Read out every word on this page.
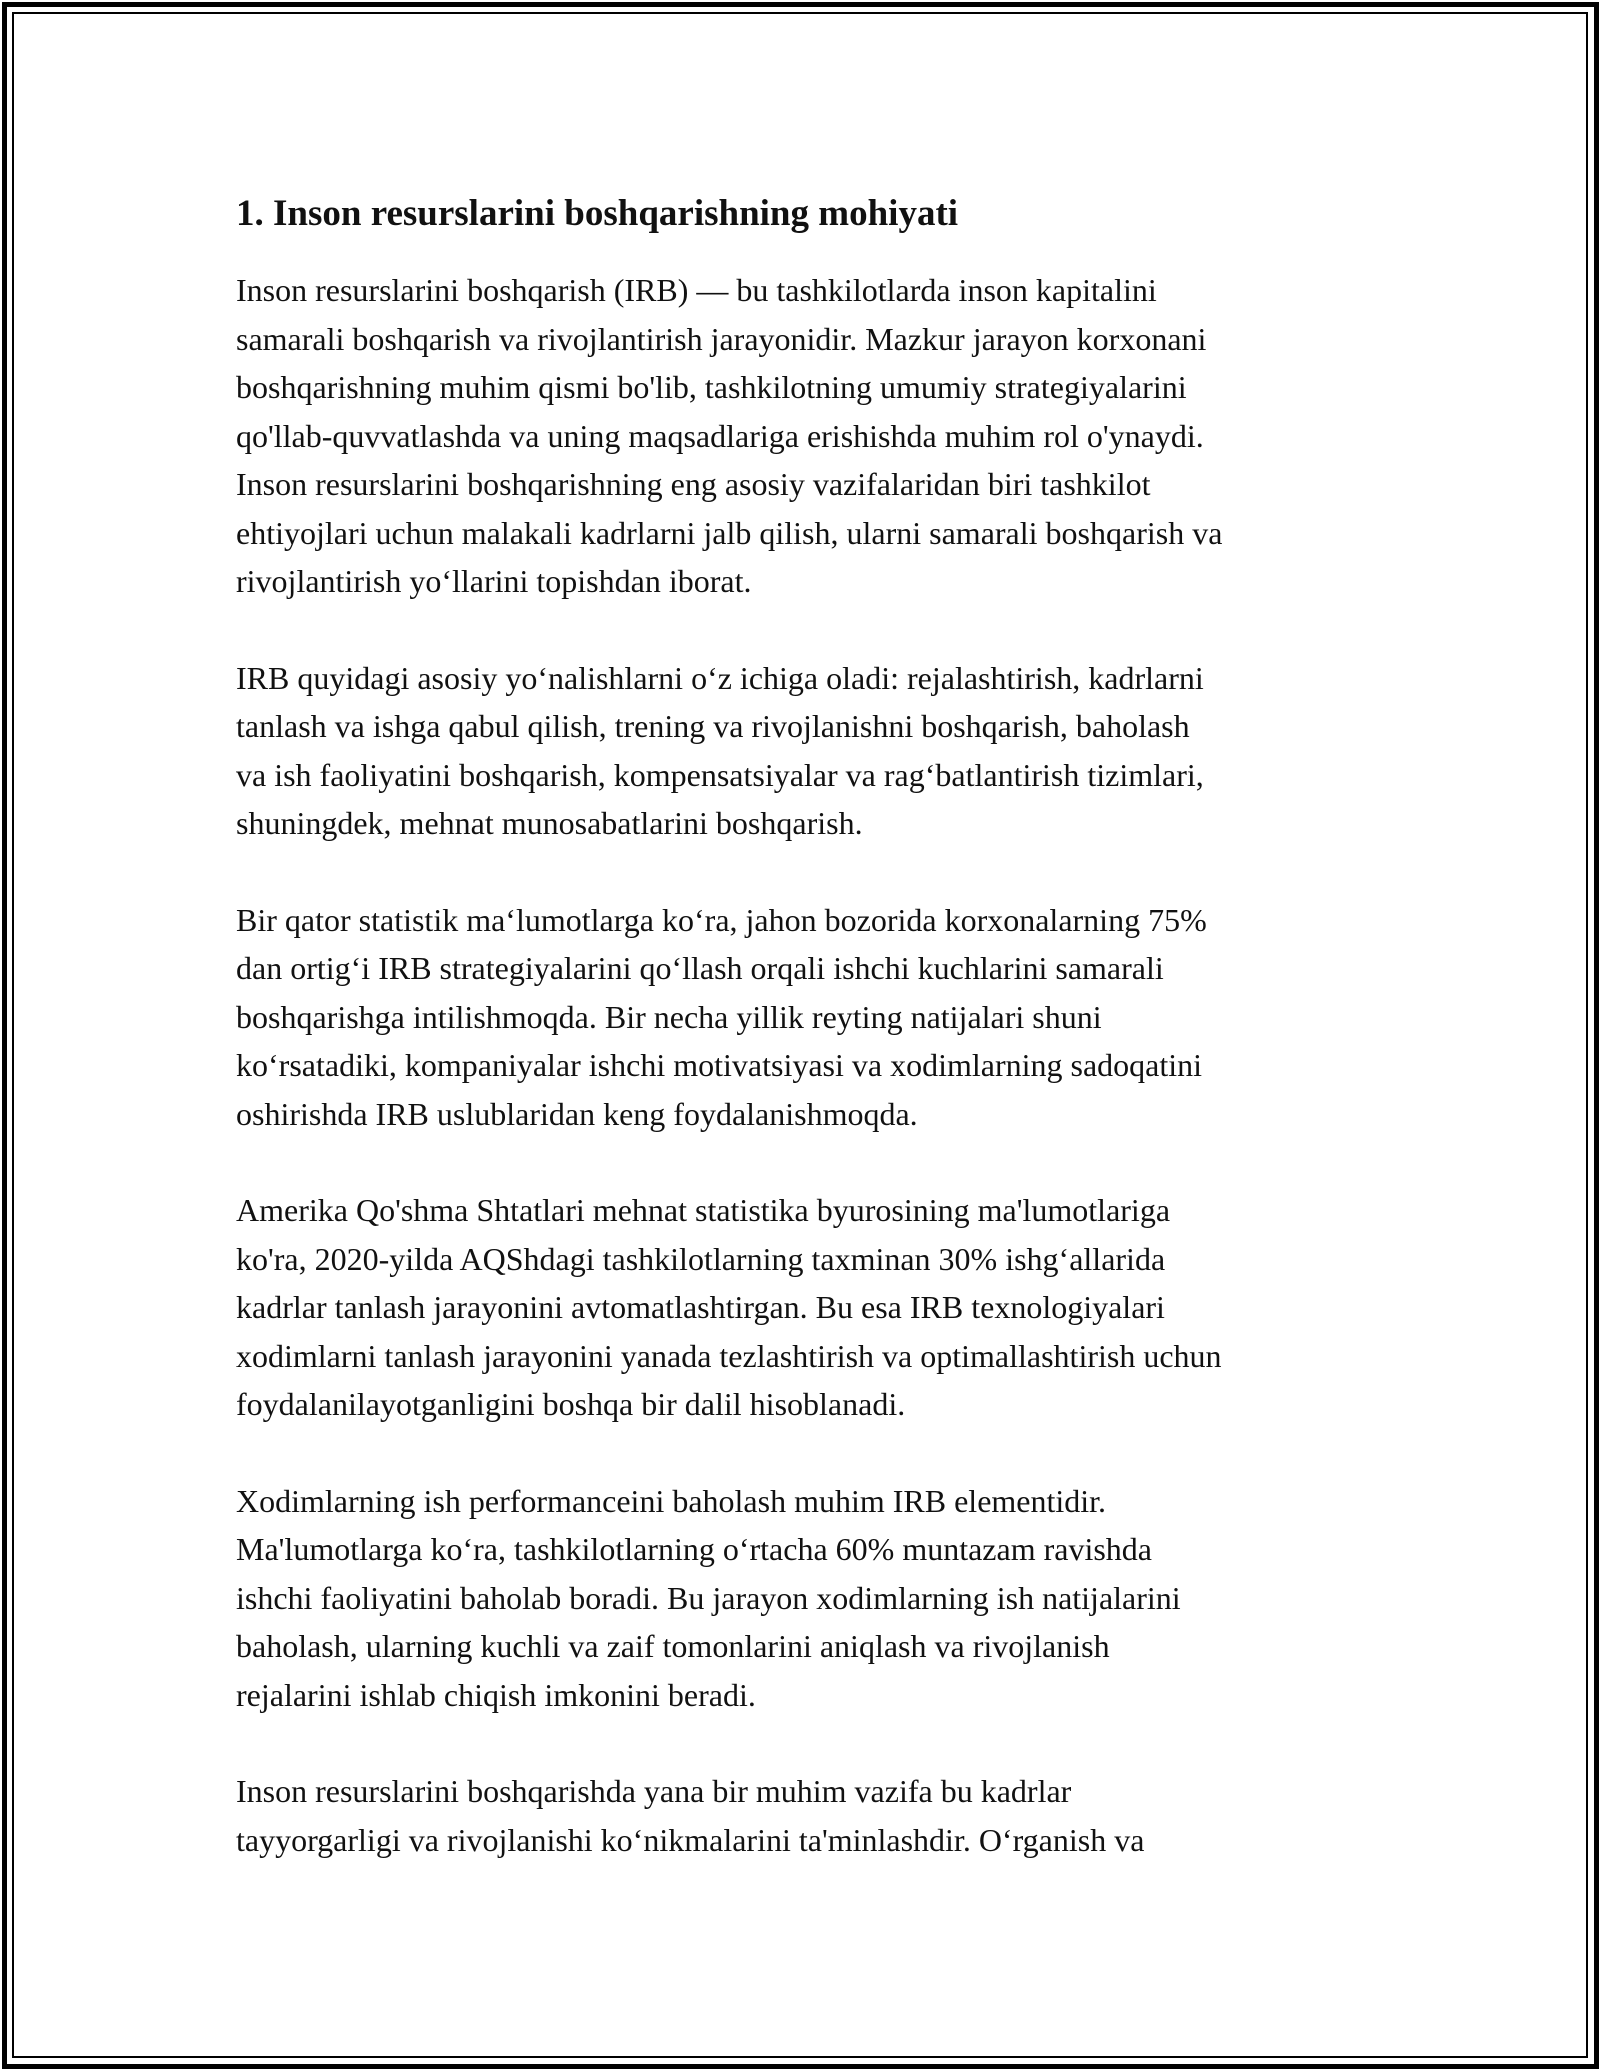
1. Inson resurslarini boshqarishning mohiyati

Inson resurslarini boshqarish (IRB) — bu tashkilotlarda inson kapitalini
samarali boshqarish va rivojlantirish jarayonidir. Mazkur jarayon korxonani
boshqarishning muhim qismi bo'lib, tashkilotning umumiy strategiyalarini
qo'llab-quvvatlashda va uning maqsadlariga erishishda muhim rol o'ynaydi.
Inson resurslarini boshqarishning eng asosiy vazifalaridan biri tashkilot
ehtiyojlari uchun malakali kadrlarni jalb qilish, ularni samarali boshqarish va
rivojlantirish yo‘llarini topishdan iborat.

IRB quyidagi asosiy yo‘nalishlarni o‘z ichiga oladi: rejalashtirish, kadrlarni
tanlash va ishga qabul qilish, trening va rivojlanishni boshqarish, baholash
va ish faoliyatini boshqarish, kompensatsiyalar va rag‘batlantirish tizimlari,
shuningdek, mehnat munosabatlarini boshqarish.

Bir qator statistik ma‘lumotlarga ko‘ra, jahon bozorida korxonalarning 75%
dan ortig‘i IRB strategiyalarini qo‘llash orqali ishchi kuchlarini samarali
boshqarishga intilishmoqda. Bir necha yillik reyting natijalari shuni
ko‘rsatadiki, kompaniyalar ishchi motivatsiyasi va xodimlarning sadoqatini
oshirishda IRB uslublaridan keng foydalanishmoqda.

Amerika Qo'shma Shtatlari mehnat statistika byurosining ma'lumotlariga
ko'ra, 2020-yilda AQShdagi tashkilotlarning taxminan 30% ishg‘allarida
kadrlar tanlash jarayonini avtomatlashtirgan. Bu esa IRB texnologiyalari
xodimlarni tanlash jarayonini yanada tezlashtirish va optimallashtirish uchun
foydalanilayotganligini boshqa bir dalil hisoblanadi.

Xodimlarning ish performanceini baholash muhim IRB elementidir.
Ma'lumotlarga ko‘ra, tashkilotlarning o‘rtacha 60% muntazam ravishda
ishchi faoliyatini baholab boradi. Bu jarayon xodimlarning ish natijalarini
baholash, ularning kuchli va zaif tomonlarini aniqlash va rivojlanish
rejalarini ishlab chiqish imkonini beradi.

Inson resurslarini boshqarishda yana bir muhim vazifa bu kadrlar
tayyorgarligi va rivojlanishi ko‘nikmalarini ta'minlashdir. O‘rganish va
